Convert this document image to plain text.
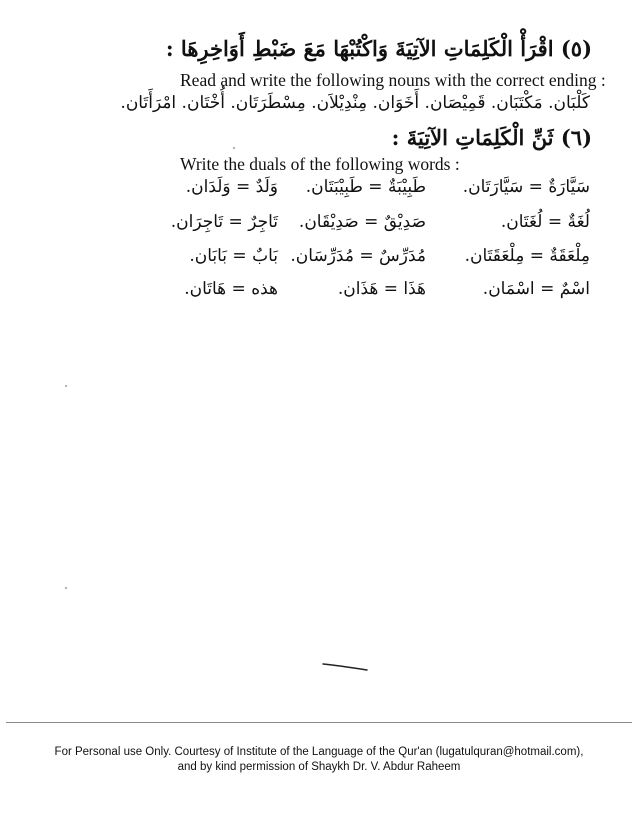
(٥) اقْرَأْ الْكَلِمَاتِ الآتِيَةَ وَاكْتُبْهَا مَعَ ضَبْطِ أَوَاخِرِهَا :
Read and write the following nouns with the correct ending :
كَلْبَان. مَكْتَبَان. قَمِيْصَان. أَخَوَان. مِنْدِيْلاَن. مِسْطَرَتَان. أُخْتَان. امْرَأَتَان.
(٦) ثَنِّ الْكَلِمَاتِ الآتِيَةَ :
Write the duals of the following words :
سَيَّارَةٌ = سَيَّارَتَان.
طَبِيْبَةٌ = طَبِيْبَتَان.
وَلَدٌ = وَلَدَان.
لُغَةٌ = لُغَتَان.
صَدِيْقٌ = صَدِيْقَان.
تَاجِرٌ = تَاجِرَان.
مِلْعَقَةٌ = مِلْعَقَتَان.
مُدَرِّسٌ = مُدَرِّسَان.
بَابٌ = بَابَان.
اسْمٌ = اسْمَان.
هَذَا = هَذَان.
هذه = هَاتَان.
For Personal use Only. Courtesy of Institute of the Language of the Qur'an (lugatulquran@hotmail.com),
and by kind permission of Shaykh Dr. V. Abdur Raheem
